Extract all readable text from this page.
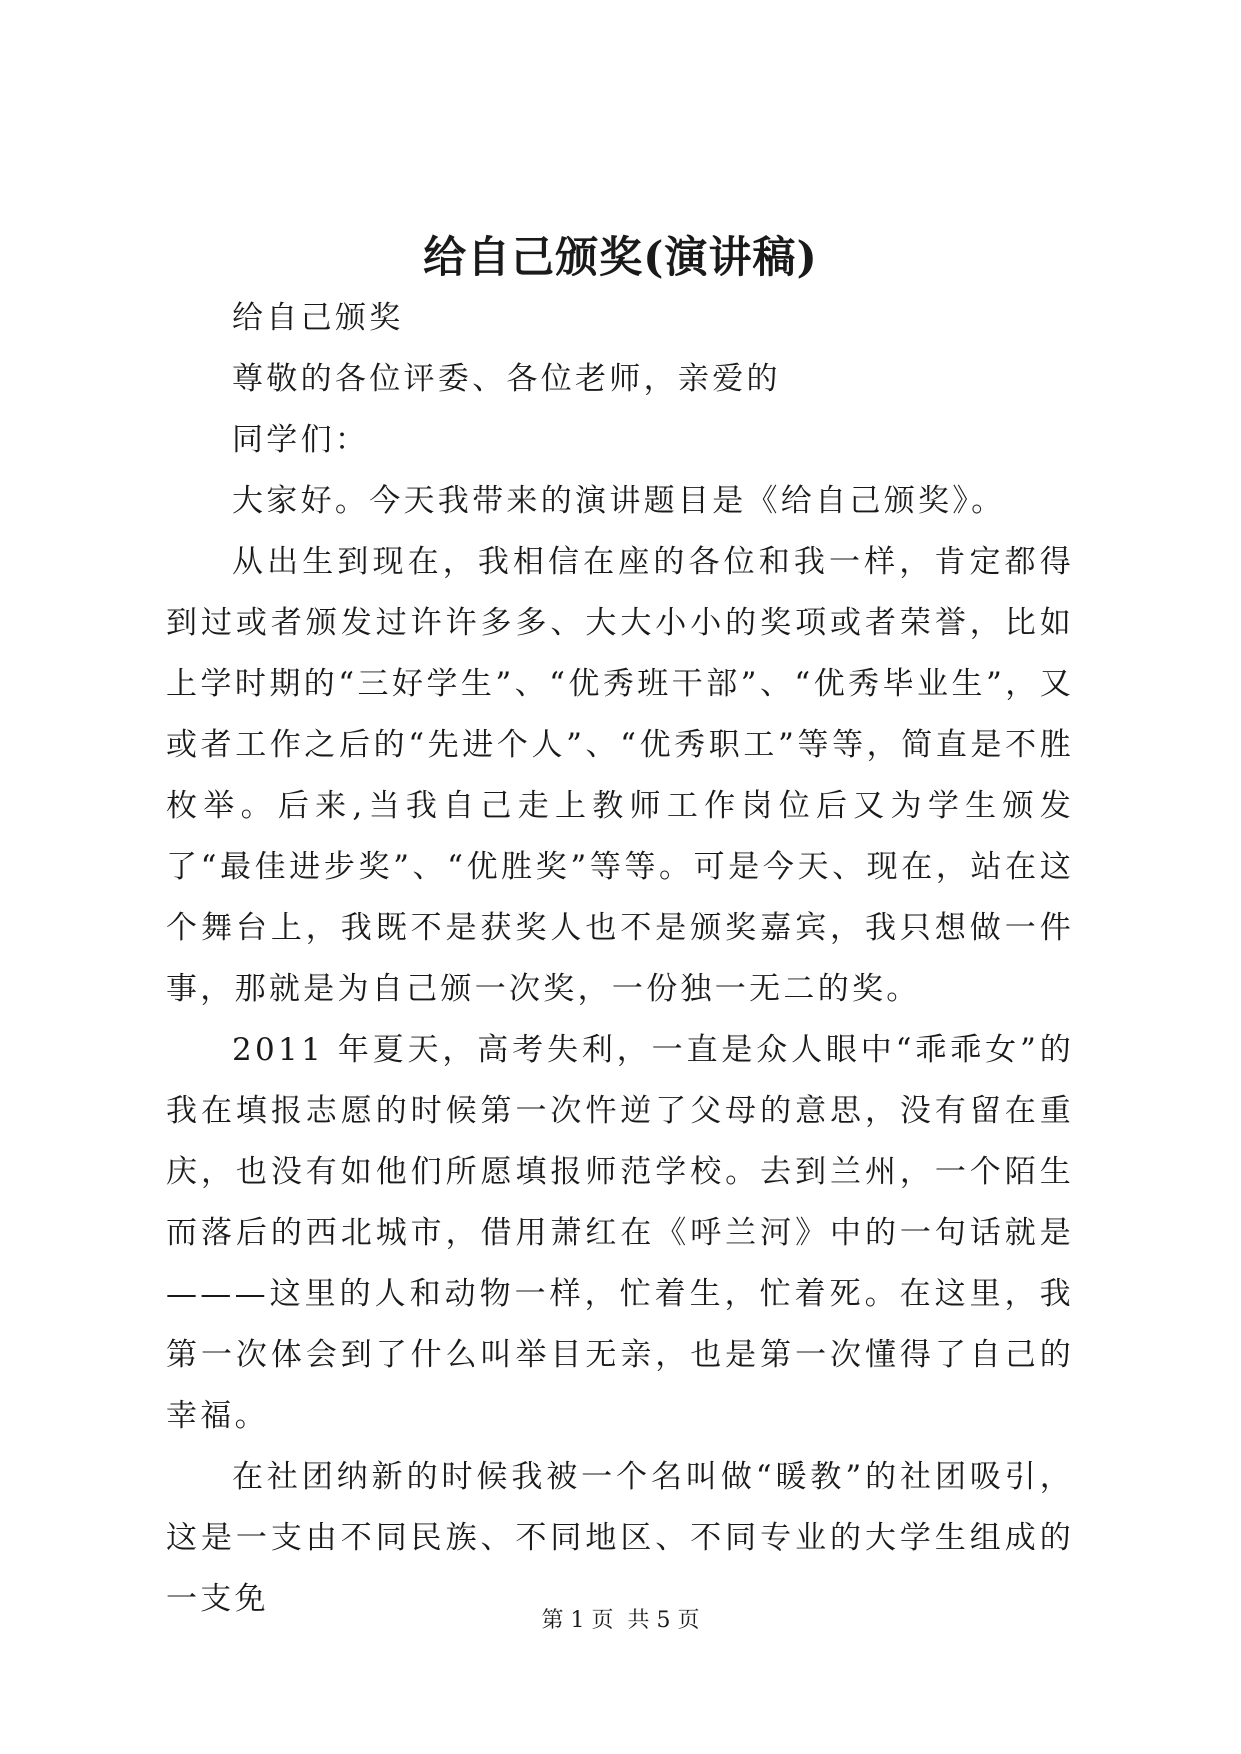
给自己颁奖(演讲稿)

给自己颁奖

尊敬的各位评委、各位老师，亲爱的

同学们：

大家好。今天我带来的演讲题目是《给自己颁奖》。

从出生到现在，我相信在座的各位和我一样，肯定都得到过或者颁发过许许多多、大大小小的奖项或者荣誉，比如上学时期的“三好学生”、“优秀班干部”、“优秀毕业生”，又或者工作之后的“先进个人”、“优秀职工”等等，简直是不胜枚举。后来,当我自己走上教师工作岗位后又为学生颁发了“最佳进步奖”、“优胜奖”等等。可是今天、现在，站在这个舞台上，我既不是获奖人也不是颁奖嘉宾，我只想做一件事，那就是为自己颁一次奖，一份独一无二的奖。

2011 年夏天，高考失利，一直是众人眼中“乖乖女”的我在填报志愿的时候第一次忤逆了父母的意思，没有留在重庆，也没有如他们所愿填报师范学校。去到兰州，一个陌生而落后的西北城市，借用萧红在《呼兰河》中的一句话就是———这里的人和动物一样，忙着生，忙着死。在这里，我第一次体会到了什么叫举目无亲，也是第一次懂得了自己的幸福。

在社团纳新的时候我被一个名叫做“暖教”的社团吸引，这是一支由不同民族、不同地区、不同专业的大学生组成的一支免

第 1 页  共 5 页
